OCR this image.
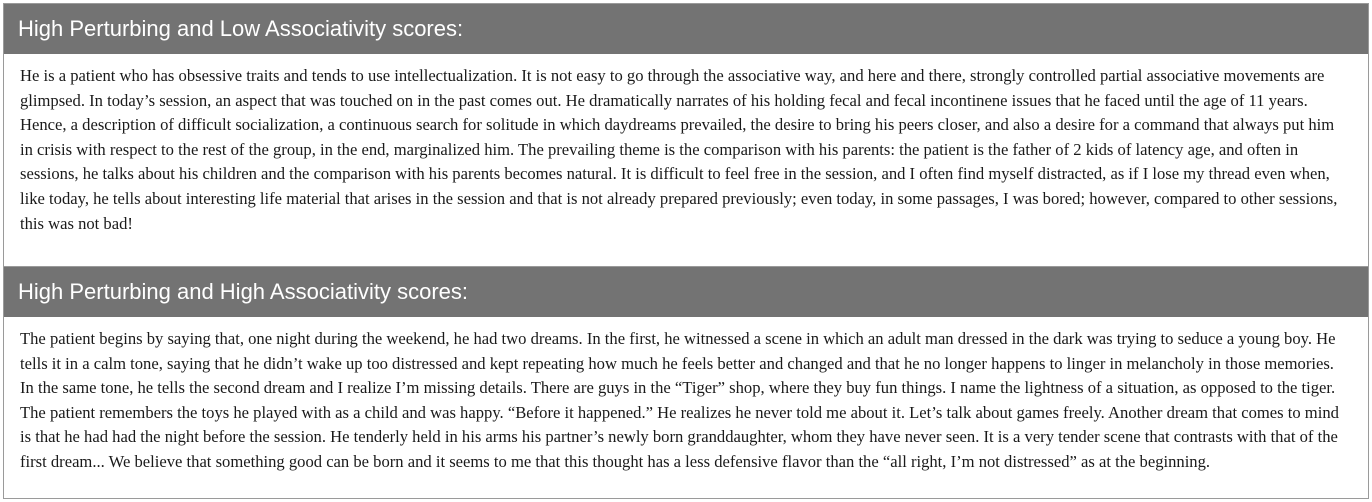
High Perturbing and Low Associativity scores:
He is a patient who has obsessive traits and tends to use intellectualization. It is not easy to go through the associative way, and here and there, strongly controlled partial associative movements are glimpsed. In today’s session, an aspect that was touched on in the past comes out. He dramatically narrates of his holding fecal and fecal incontinene issues that he faced until the age of 11 years. Hence, a description of difficult socialization, a continuous search for solitude in which daydreams prevailed, the desire to bring his peers closer, and also a desire for a command that always put him in crisis with respect to the rest of the group, in the end, marginalized him. The prevailing theme is the comparison with his parents: the patient is the father of 2 kids of latency age, and often in sessions, he talks about his children and the comparison with his parents becomes natural. It is difficult to feel free in the session, and I often find myself distracted, as if I lose my thread even when, like today, he tells about interesting life material that arises in the session and that is not already prepared previously; even today, in some passages, I was bored; however, compared to other sessions, this was not bad!
High Perturbing and High Associativity scores:
The patient begins by saying that, one night during the weekend, he had two dreams. In the first, he witnessed a scene in which an adult man dressed in the dark was trying to seduce a young boy. He tells it in a calm tone, saying that he didn’t wake up too distressed and kept repeating how much he feels better and changed and that he no longer happens to linger in melancholy in those memories. In the same tone, he tells the second dream and I realize I’m missing details. There are guys in the “Tiger” shop, where they buy fun things. I name the lightness of a situation, as opposed to the tiger. The patient remembers the toys he played with as a child and was happy. “Before it happened.” He realizes he never told me about it. Let’s talk about games freely. Another dream that comes to mind is that he had had the night before the session. He tenderly held in his arms his partner’s newly born granddaughter, whom they have never seen. It is a very tender scene that contrasts with that of the first dream... We believe that something good can be born and it seems to me that this thought has a less defensive flavor than the “all right, I’m not distressed” as at the beginning.
